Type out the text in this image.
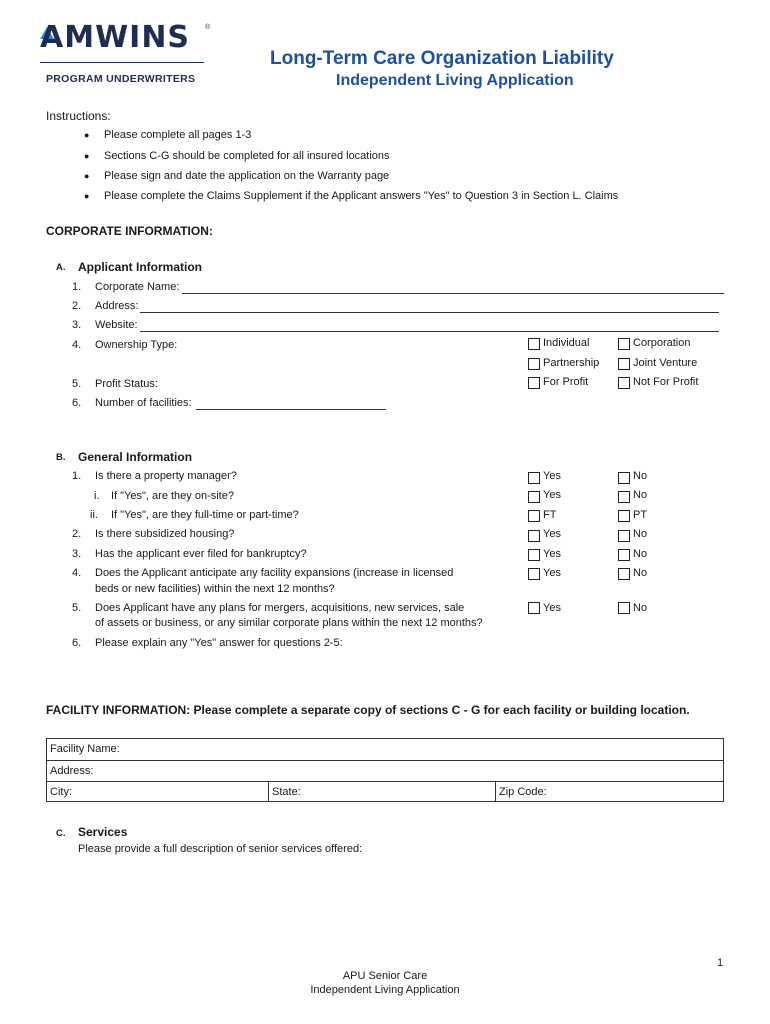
AMWINS ®
PROGRAM UNDERWRITERS
Long-Term Care Organization Liability
Independent Living Application
Instructions:
● Please complete all pages 1-3
● Sections C-G should be completed for all insured locations
● Please sign and date the application on the Warranty page
● Please complete the Claims Supplement if the Applicant answers "Yes" to Question 3 in Section L. Claims
CORPORATE INFORMATION:
A. Applicant Information
1. Corporate Name:
2. Address:
3. Website:
4. Ownership Type:	Individual	Corporation
Partnership	Joint Venture
5. Profit Status:	For Profit	Not For Profit
6. Number of facilities:
B. General Information
1. Is there a property manager?	Yes	No
i. If "Yes", are they on-site?	Yes	No
ii. If "Yes", are they full-time or part-time?	FT	PT
2. Is there subsidized housing?	Yes	No
3. Has the applicant ever filed for bankruptcy?	Yes	No
4. Does the Applicant anticipate any facility expansions (increase in licensed
beds or new facilities) within the next 12 months?
Yes	No
5. Does Applicant have any plans for mergers, acquisitions, new services, sale
of assets or business, or any similar corporate plans within the next 12 months?
Yes	No
6. Please explain any "Yes" answer for questions 2-5:
FACILITY INFORMATION: Please complete a separate copy of sections C - G for each facility or building location.
Facility Name:
Address:
City:	State:	Zip Code:
C. Services
Please provide a full description of senior services offered:
1
APU Senior Care
Independent Living Application
